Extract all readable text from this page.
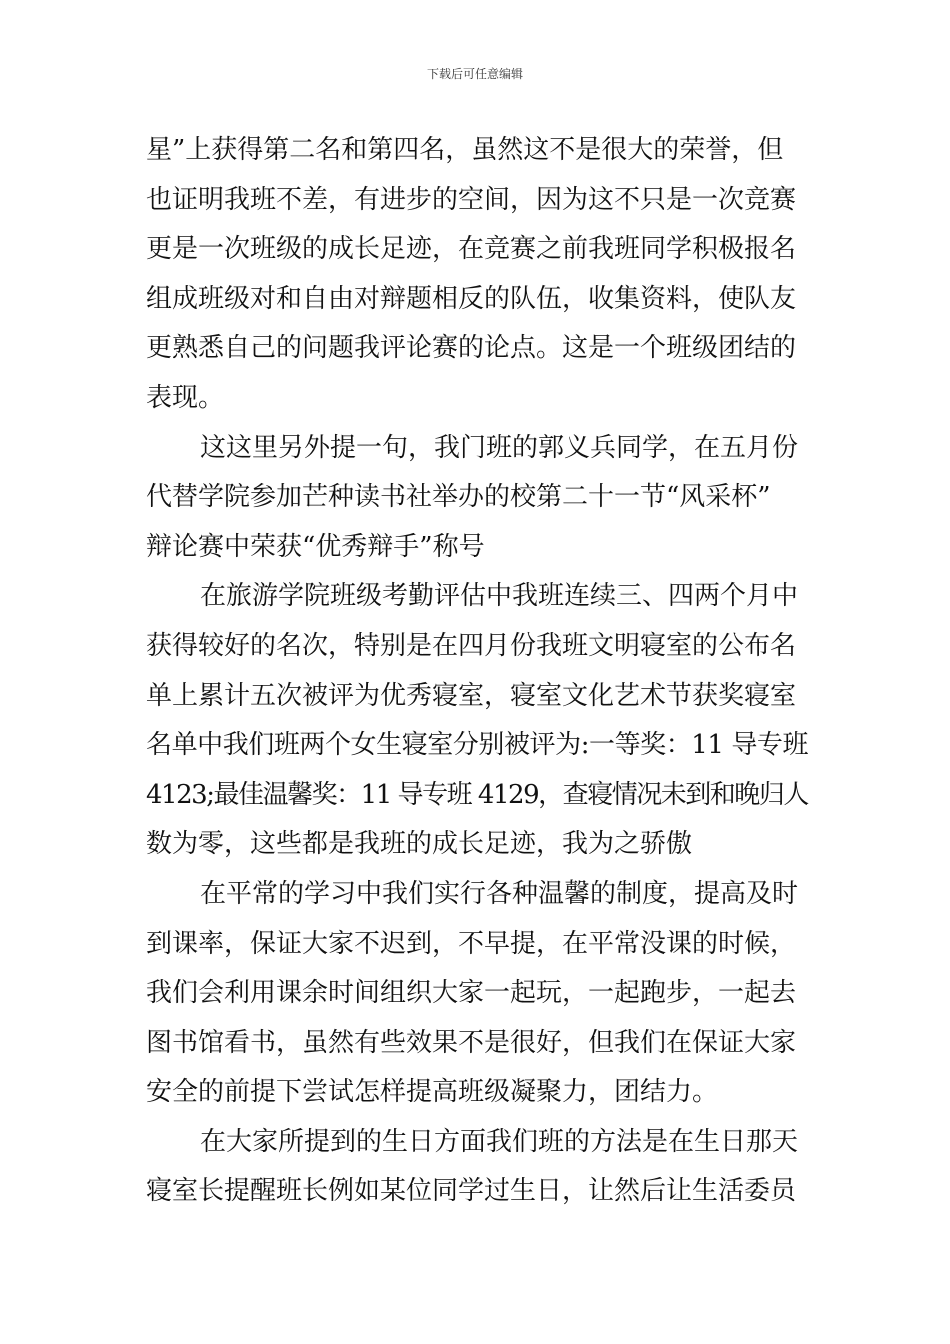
下载后可任意编辑
星”上获得第二名和第四名，虽然这不是很大的荣誉，但
也证明我班不差，有进步的空间，因为这不只是一次竞赛
更是一次班级的成长足迹，在竞赛之前我班同学积极报名
组成班级对和自由对辩题相反的队伍，收集资料，使队友
更熟悉自己的问题我评论赛的论点。这是一个班级团结的
表现。
这这里另外提一句，我门班的郭义兵同学，在五月份
代替学院参加芒种读书社举办的校第二十一节“风采杯”
辩论赛中荣获“优秀辩手”称号
在旅游学院班级考勤评估中我班连续三、四两个月中
获得较好的名次，特别是在四月份我班文明寝室的公布名
单上累计五次被评为优秀寝室，寝室文化艺术节获奖寝室
名单中我们班两个女生寝室分别被评为:一等奖：11 导专班
4123;最佳温馨奖：11 导专班 4129，查寝情况未到和晚归人
数为零，这些都是我班的成长足迹，我为之骄傲
在平常的学习中我们实行各种温馨的制度，提高及时
到课率，保证大家不迟到，不早提，在平常没课的时候，
我们会利用课余时间组织大家一起玩，一起跑步，一起去
图书馆看书，虽然有些效果不是很好，但我们在保证大家
安全的前提下尝试怎样提高班级凝聚力，团结力。
在大家所提到的生日方面我们班的方法是在生日那天
寝室长提醒班长例如某位同学过生日，让然后让生活委员
